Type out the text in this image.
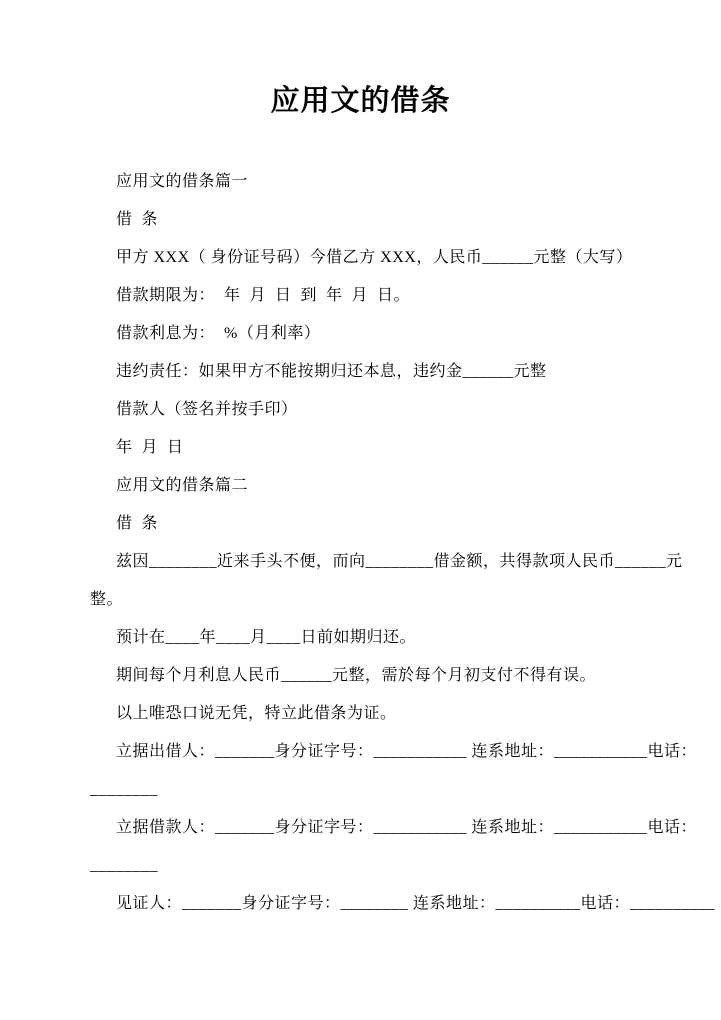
应用文的借条
应用文的借条篇一
借  条
甲方 XXX（ 身份证号码）今借乙方 XXX，人民币______元整（大写）
借款期限为：  年  月  日  到  年  月  日。
借款利息为：  %（月利率）
违约责任：如果甲方不能按期归还本息，违约金______元整
借款人（签名并按手印）
年  月  日
应用文的借条篇二
借  条
兹因________近来手头不便，而向________借金额，共得款项人民币______元
整。
预计在____年____月____日前如期归还。
期间每个月利息人民币______元整，需於每个月初支付不得有误。
以上唯恐口说无凭，特立此借条为证。
立据出借人：_______身分证字号：___________ 连系地址：___________电话：
________
立据借款人：_______身分证字号：___________ 连系地址：___________电话：
________
见证人：_______身分证字号：________ 连系地址：__________电话：__________
